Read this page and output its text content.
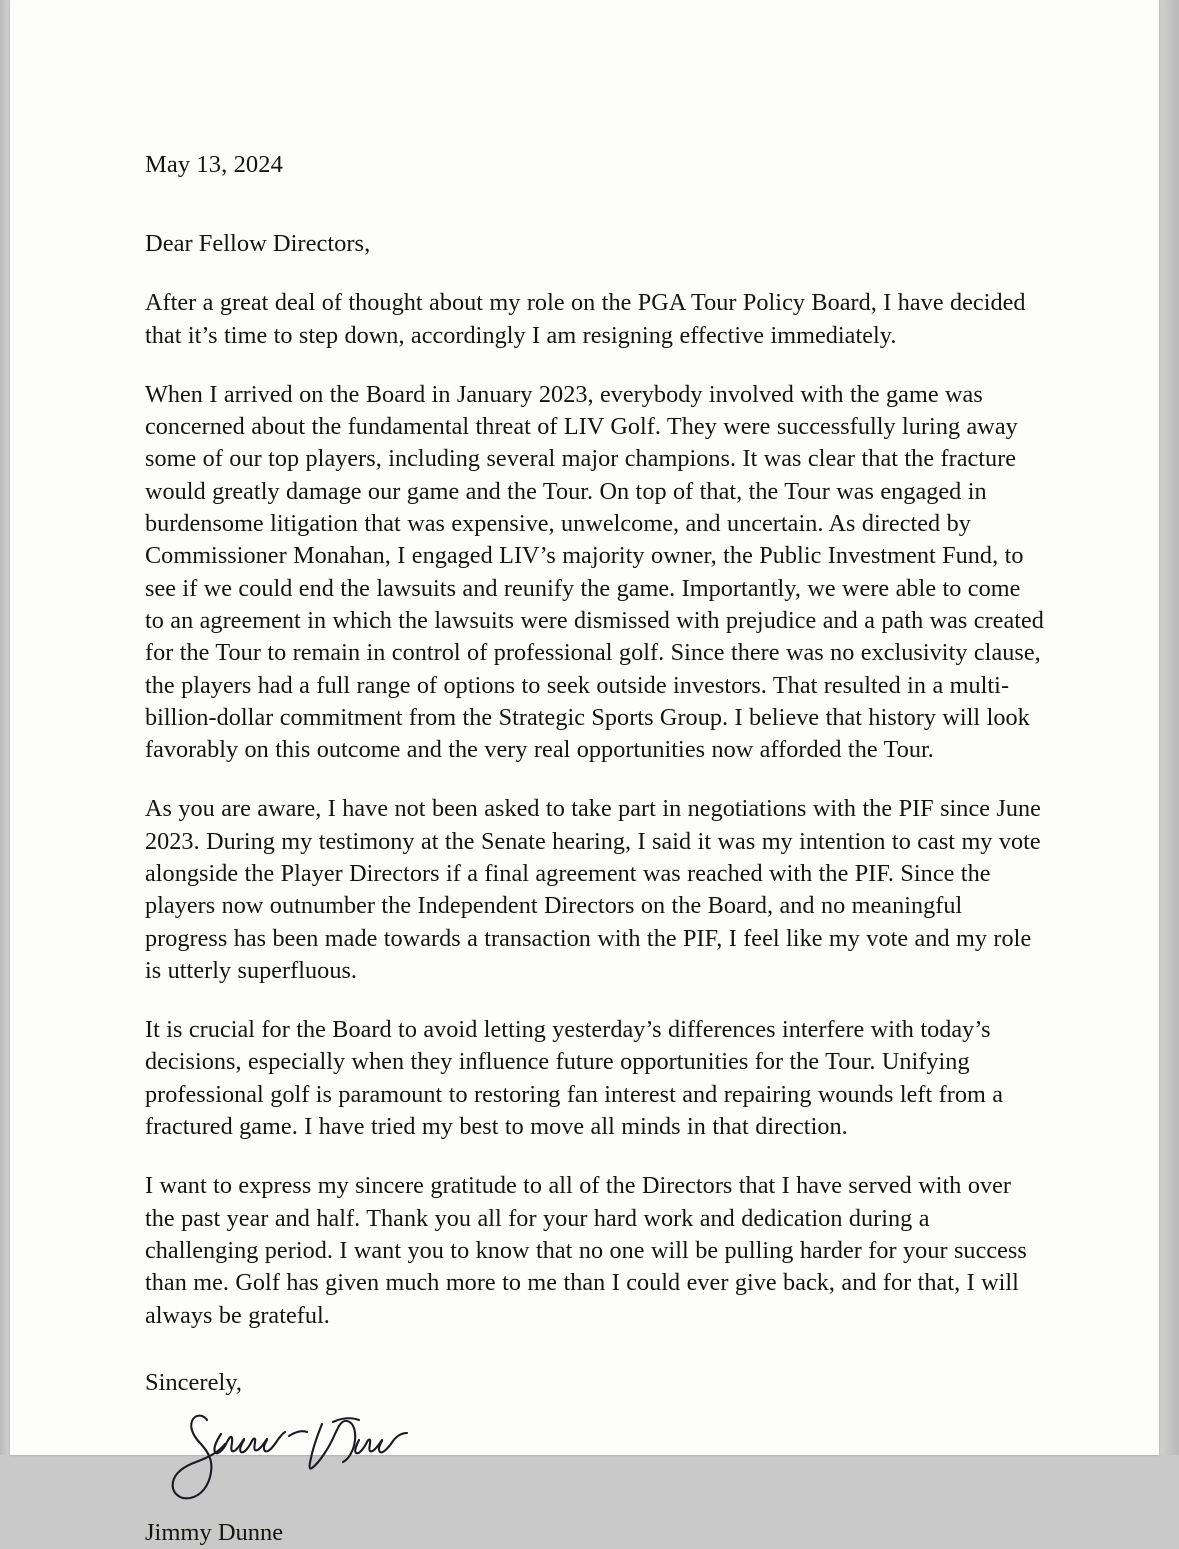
May 13, 2024
Dear Fellow Directors,

After a great deal of thought about my role on the PGA Tour Policy Board, I have decided that it’s time to step down, accordingly I am resigning effective immediately.

When I arrived on the Board in January 2023, everybody involved with the game was concerned about the fundamental threat of LIV Golf. They were successfully luring away some of our top players, including several major champions. It was clear that the fracture would greatly damage our game and the Tour. On top of that, the Tour was engaged in burdensome litigation that was expensive, unwelcome, and uncertain. As directed by Commissioner Monahan, I engaged LIV’s majority owner, the Public Investment Fund, to see if we could end the lawsuits and reunify the game. Importantly, we were able to come to an agreement in which the lawsuits were dismissed with prejudice and a path was created for the Tour to remain in control of professional golf. Since there was no exclusivity clause, the players had a full range of options to seek outside investors. That resulted in a multi-billion-dollar commitment from the Strategic Sports Group. I believe that history will look favorably on this outcome and the very real opportunities now afforded the Tour.

As you are aware, I have not been asked to take part in negotiations with the PIF since June 2023. During my testimony at the Senate hearing, I said it was my intention to cast my vote alongside the Player Directors if a final agreement was reached with the PIF. Since the players now outnumber the Independent Directors on the Board, and no meaningful progress has been made towards a transaction with the PIF, I feel like my vote and my role is utterly superfluous.

It is crucial for the Board to avoid letting yesterday’s differences interfere with today’s decisions, especially when they influence future opportunities for the Tour. Unifying professional golf is paramount to restoring fan interest and repairing wounds left from a fractured game. I have tried my best to move all minds in that direction.

I want to express my sincere gratitude to all of the Directors that I have served with over the past year and half. Thank you all for your hard work and dedication during a challenging period. I want you to know that no one will be pulling harder for your success than me. Golf has given much more to me than I could ever give back, and for that, I will always be grateful.

Sincerely,
Jimmy Dunne
